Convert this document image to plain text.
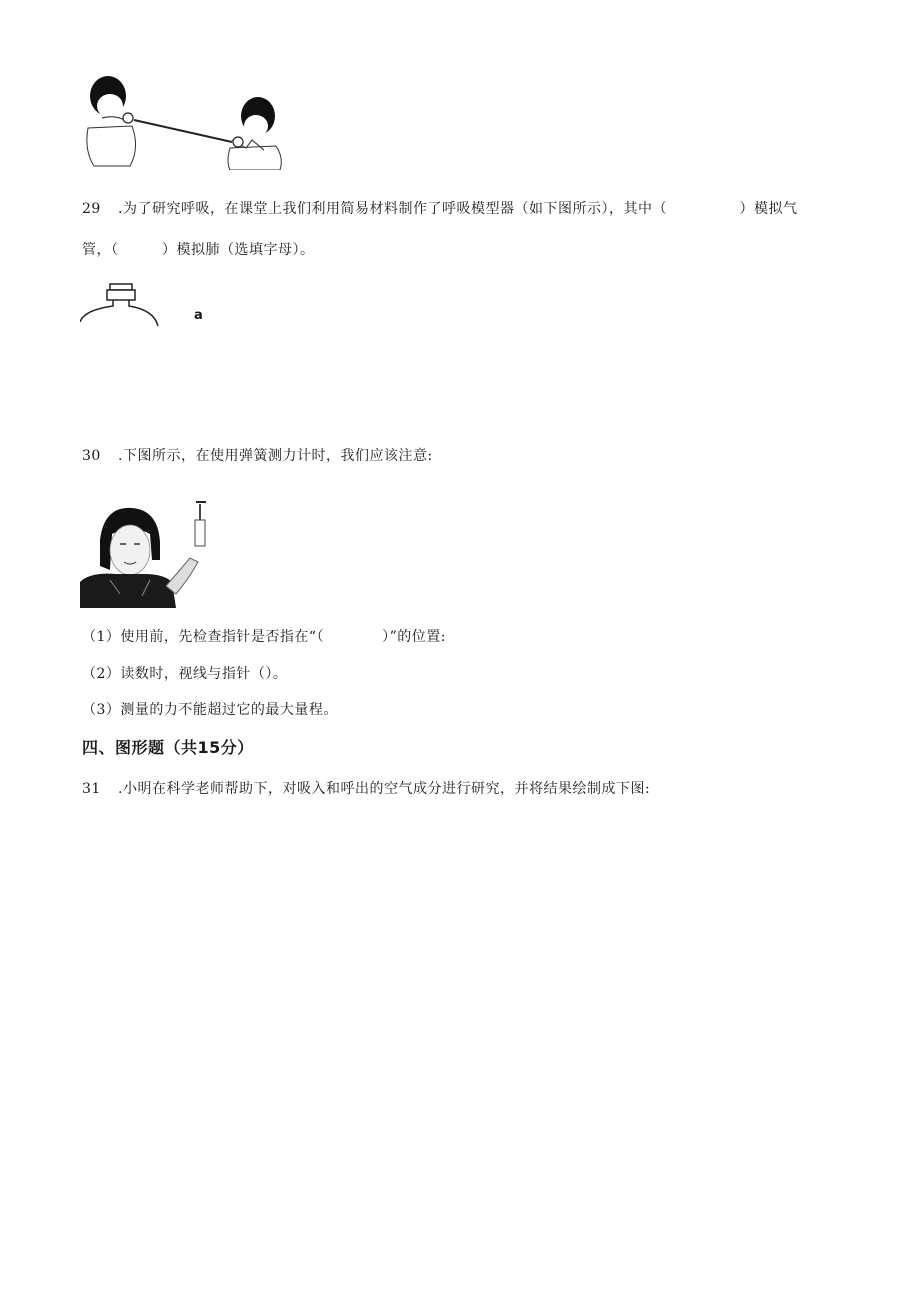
29 .为了研究呼吸，在课堂上我们利用简易材料制作了呼吸模型器（如下图所示），其中（　　　　　）模拟气
管，（　　　）模拟肺（选填字母）。
a
30 .下图所示，在使用弹簧测力计时，我们应该注意:
（1）使用前，先检查指针是否指在“（　　　　）”的位置:
（2）读数时，视线与指针（）。
（3）测量的力不能超过它的最大量程。
四、图形题（共15分）
31 .小明在科学老师帮助下，对吸入和呼出的空气成分进行研究，并将结果绘制成下图:
